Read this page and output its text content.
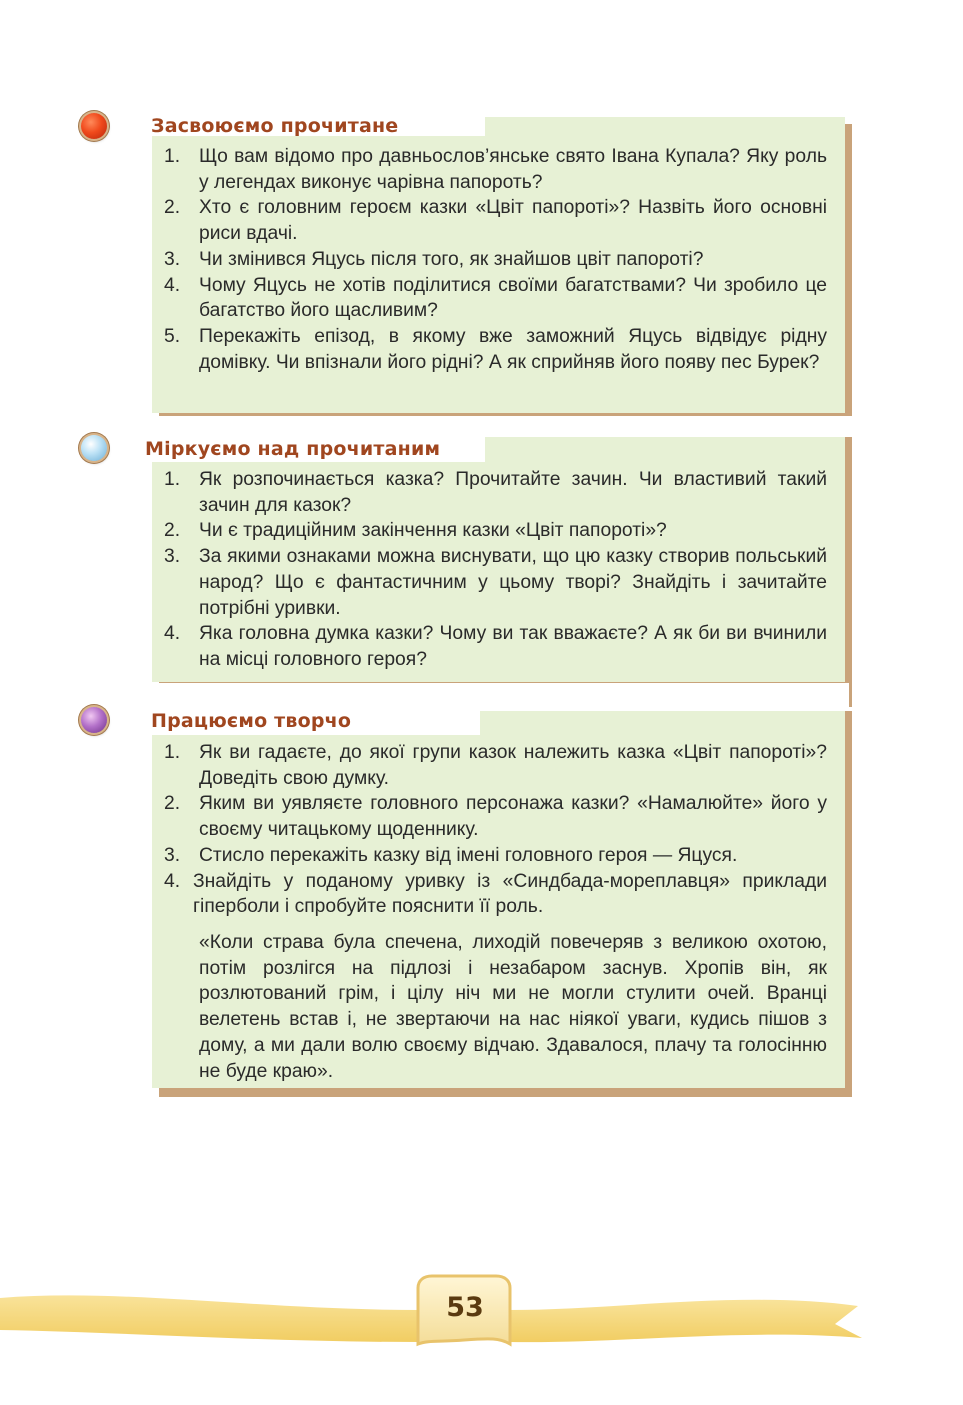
Засвоюємо прочитане
1. Що вам відомо про давньослов’янське свято Івана Купала? Яку роль у легендах виконує чарівна папороть?
2. Хто є головним героєм казки «Цвіт папороті»? Назвіть його основні риси вдачі.
3. Чи змінився Яцусь після того, як знайшов цвіт папороті?
4. Чому Яцусь не хотів поділитися своїми багатствами? Чи зробило це багатство його щасливим?
5. Перекажіть епізод, в якому вже заможний Яцусь відвідує рідну домівку. Чи впізнали його рідні? А як сприйняв його появу пес Бурек?
Міркуємо над прочитаним
1. Як розпочинається казка? Прочитайте зачин. Чи властивий такий зачин для казок?
2. Чи є традиційним закінчення казки «Цвіт папороті»?
3. За якими ознаками можна виснувати, що цю казку створив польський народ? Що є фантастичним у цьому творі? Знайдіть і зачитайте потрібні уривки.
4. Яка головна думка казки? Чому ви так вважаєте? А як би ви вчинили на місці головного героя?
Працюємо творчо
1. Як ви гадаєте, до якої групи казок належить казка «Цвіт папороті»? Доведіть свою думку.
2. Яким ви уявляєте головного персонажа казки? «Намалюйте» його у своєму читацькому щоденнику.
3. Стисло перекажіть казку від імені головного героя — Яцуся.
4. Знайдіть у поданому уривку із «Синдбада-мореплавця» приклади гіперболи і спробуйте пояснити її роль.
«Коли страва була спечена, лиходій повечеряв з великою охотою, потім розлігся на підлозі і незабаром заснув. Хропів він, як розлютований грім, і цілу ніч ми не могли стулити очей. Вранці велетень встав і, не звертаючи на нас ніякої уваги, кудись пішов з дому, а ми дали волю своєму відчаю. Здавалося, плачу та голосінню не буде краю».
53
